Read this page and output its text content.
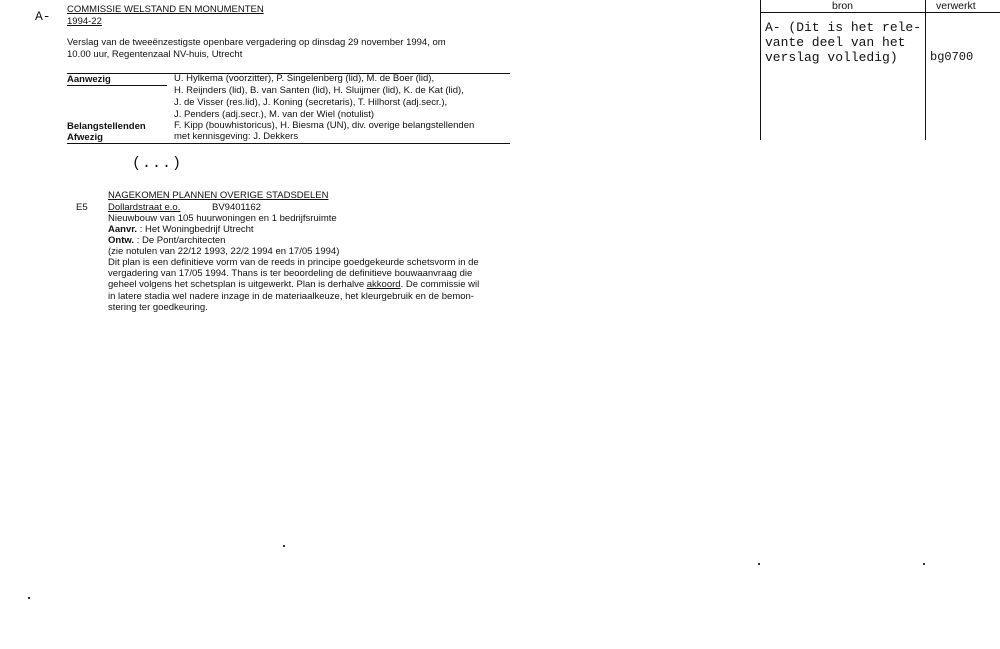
A- COMMISSIE WELSTAND EN MONUMENTEN
1994-22
Verslag van de tweeënzestigste openbare vergadering op dinsdag 29 november 1994, om
10.00 uur, Regentenzaal NV-huis, Utrecht
Aanwezig	U. Hylkema (voorzitter), P. Singelenberg (lid), M. de Boer (lid),
H. Reijnders (lid), B. van Santen (lid), H. Sluijmer (lid), K. de Kat (lid),
J. de Visser (res.lid), J. Koning (secretaris), T. Hilhorst (adj.secr.),
J. Penders (adj.secr.), M. van der Wiel (notulist)
Belangstellenden	F. Kipp (bouwhistoricus), H. Biesma (UN), div. overige belangstellenden
Afwezig	met kennisgeving: J. Dekkers
(...)
NAGEKOMEN PLANNEN OVERIGE STADSDELEN
E5 Dollardstraat e.o.	BV9401162
Nieuwbouw van 105 huurwoningen en 1 bedrijfsruimte
Aanvr. : Het Woningbedrijf Utrecht
Ontw. : De Pont/architecten
(zie notulen van 22/12 1993, 22/2 1994 en 17/05 1994)
Dit plan is een definitieve vorm van de reeds in principe goedgekeurde schetsvorm in de
vergadering van 17/05 1994. Thans is ter beoordeling de definitieve bouwaanvraag die
geheel volgens het schetsplan is uitgewerkt. Plan is derhalve akkoord. De commissie wil
in latere stadia wel nadere inzage in de materiaalkeuze, het kleurgebruik en de bemon-
stering ter goedkeuring.
bron	verwerkt
A- (Dit is het rele-
vante deel van het
verslag volledig)	bg0700
